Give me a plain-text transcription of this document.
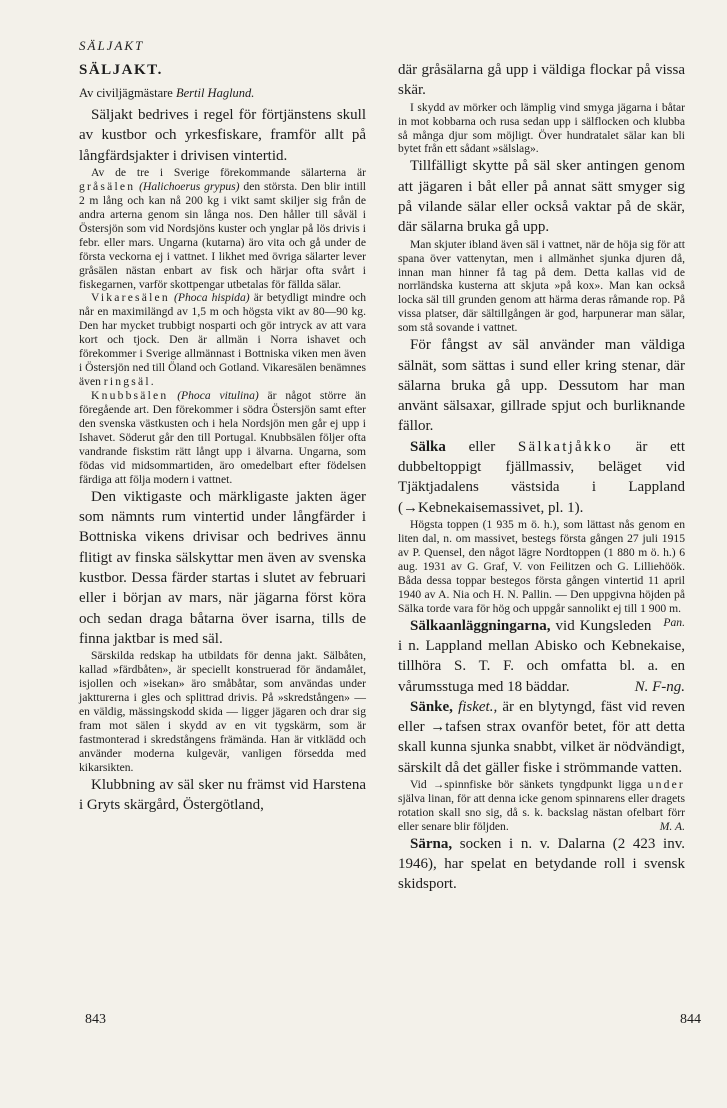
SÄLJAKT

SÄLJAKT.

Av civiljägmästare Bertil Haglund.

Säljakt bedrives i regel för förtjänstens skull av kustbor och yrkesfiskare, framför allt på långfärdsjakter i drivisen vintertid.

Av de tre i Sverige förekommande sälarterna är gråsälen (Halichoerus grypus) den största. Den blir intill 2 m lång och kan nå 200 kg i vikt samt skiljer sig från de andra arterna genom sin långa nos. Den håller till såväl i Östersjön som vid Nordsjöns kuster och ynglar på lös drivis i febr. eller mars. Ungarna (kutarna) äro vita och gå under de första veckorna ej i vattnet. I likhet med övriga sälarter lever gråsälen nästan enbart av fisk och härjar ofta svårt i fiskegarnen, varför skottpengar utbetalas för fällda sälar.

Vikaresälen (Phoca hispida) är betydligt mindre och når en maximilängd av 1,5 m och högsta vikt av 80—90 kg. Den har mycket trubbigt nosparti och gör intryck av att vara kort och tjock. Den är allmän i Norra ishavet och förekommer i Sverige allmännast i Bottniska viken men även i Östersjön ned till Öland och Gotland. Vikaresälen benämnes även ringsäl.

Knubbsälen (Phoca vitulina) är något större än föregående art. Den förekommer i södra Östersjön samt efter den svenska västkusten och i hela Nordsjön men går ej upp i Ishavet. Söderut går den till Portugal. Knubbsälen följer ofta vandrande fiskstim rätt långt upp i älvarna. Ungarna, som födas vid midsommartiden, äro omedelbart efter födelsen färdiga att följa modern i vattnet.

Den viktigaste och märkligaste jakten äger som nämnts rum vintertid under långfärder i Bottniska vikens drivisar och bedrives ännu flitigt av finska sälskyttar men även av svenska kustbor. Dessa färder startas i slutet av februari eller i början av mars, när jägarna först köra och sedan draga båtarna över isarna, tills de finna jaktbar is med säl.

Särskilda redskap ha utbildats för denna jakt. Sälbåten, kallad »färdbåten», är speciellt konstruerad för ändamålet, isjollen och »isekan» äro småbåtar, som användas under jaktturerna i gles och splittrad drivis. På »skredstången» — en väldig, mässingskodd skida — ligger jägaren och drar sig fram mot sälen i skydd av en vit tygskärm, som är fastmonterad i skredstångens främända. Han är vitklädd och använder moderna kulgevär, vanligen försedda med kikarsikten.

Klubbning av säl sker nu främst vid Harstena i Gryts skärgård, Östergötland,

där gråsälarna gå upp i väldiga flockar på vissa skär.

I skydd av mörker och lämplig vind smyga jägarna i båtar in mot kobbarna och rusa sedan upp i sälflocken och klubba så många djur som möjligt. Över hundratalet sälar kan bli bytet från ett sådant »sälslag».

Tillfälligt skytte på säl sker antingen genom att jägaren i båt eller på annat sätt smyger sig på vilande sälar eller också vaktar på de skär, där sälarna bruka gå upp.

Man skjuter ibland även säl i vattnet, när de höja sig för att spana över vattenytan, men i allmänhet sjunka djuren då, innan man hinner få tag på dem. Detta kallas vid de norrländska kusterna att skjuta »på kox». Man kan också locka säl till grunden genom att härma deras råmande rop. På vissa platser, där sältillgången är god, harpunerar man sälar, som stå sovande i vattnet.

För fångst av säl använder man väldiga sälnät, som sättas i sund eller kring stenar, där sälarna bruka gå upp. Dessutom har man använt sälsaxar, gillrade spjut och burliknande fällor.

Sälka eller Sälkatjåkko är ett dubbeltoppigt fjällmassiv, beläget vid Tjäktjadalens västsida i Lappland (→Kebnekaisemassivet, pl. 1).

Högsta toppen (1 935 m ö. h.), som lättast nås genom en liten dal, n. om massivet, bestegs första gången 27 juli 1915 av P. Quensel, den något lägre Nordtoppen (1 880 m ö. h.) 6 aug. 1931 av G. Graf, V. von Feilitzen och G. Lilliehöök. Båda dessa toppar bestegos första gången vintertid 11 april 1940 av A. Nia och H. N. Pallin. — Den uppgivna höjden på Sälka torde vara för hög och uppgår sannolikt ej till 1 900 m.
Pan.

Sälkaanläggningarna, vid Kungsleden i n. Lappland mellan Abisko och Kebnekaise, tillhöra S. T. F. och omfatta bl. a. en vårumsstuga med 18 bäddar.	N. F-ng.

Sänke, fisket., är en blytyngd, fäst vid reven eller →tafsen strax ovanför betet, för att detta skall kunna sjunka snabbt, vilket är nödvändigt, särskilt då det gäller fiske i strömmande vatten.

Vid →spinnfiske bör sänkets tyngdpunkt ligga under själva linan, för att denna icke genom spinnarens eller dragets rotation skall sno sig, då s. k. backslag nästan ofelbart förr eller senare blir följden.	M. A.

Särna, socken i n. v. Dalarna (2 423 inv. 1946), har spelat en betydande roll i svensk skidsport.

843	844
